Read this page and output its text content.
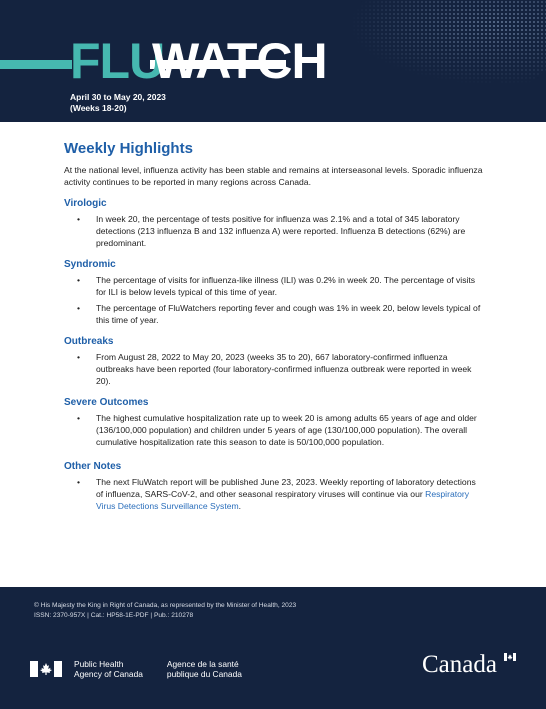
FLU
WATCH
April 30 to May 20, 2023
(Weeks 18-20)
Weekly Highlights

At the national level, influenza activity has been stable and remains at interseasonal levels. Sporadic influenza activity continues to be reported in many regions across Canada.

Virologic
• In week 20, the percentage of tests positive for influenza was 2.1% and a total of 345 laboratory detections (213 influenza B and 132 influenza A) were reported. Influenza B detections (62%) are predominant.
Syndromic
• The percentage of visits for influenza-like illness (ILI) was 0.2% in week 20. The percentage of visits for ILI is below levels typical of this time of year.
• The percentage of FluWatchers reporting fever and cough was 1% in week 20, below levels typical of this time of year.
Outbreaks
• From August 28, 2022 to May 20, 2023 (weeks 35 to 20), 667 laboratory-confirmed influenza outbreaks have been reported (four laboratory-confirmed influenza outbreak were reported in week 20).
Severe Outcomes
• The highest cumulative hospitalization rate up to week 20 is among adults 65 years of age and older (136/100,000 population) and children under 5 years of age (130/100,000 population). The overall cumulative hospitalization rate this season to date is 50/100,000 population.
Other Notes
• The next FluWatch report will be published June 23, 2023. Weekly reporting of laboratory detections of influenza, SARS-CoV-2, and other seasonal respiratory viruses will continue via our Respiratory Virus Detections Surveillance System.
© His Majesty the King in Right of Canada, as represented by the Minister of Health, 2023
ISSN: 2370-957X | Cat.: HP58-1E-PDF | Pub.: 210278
Public Health
Agency of Canada
Agence de la santé
publique du Canada	Canada
